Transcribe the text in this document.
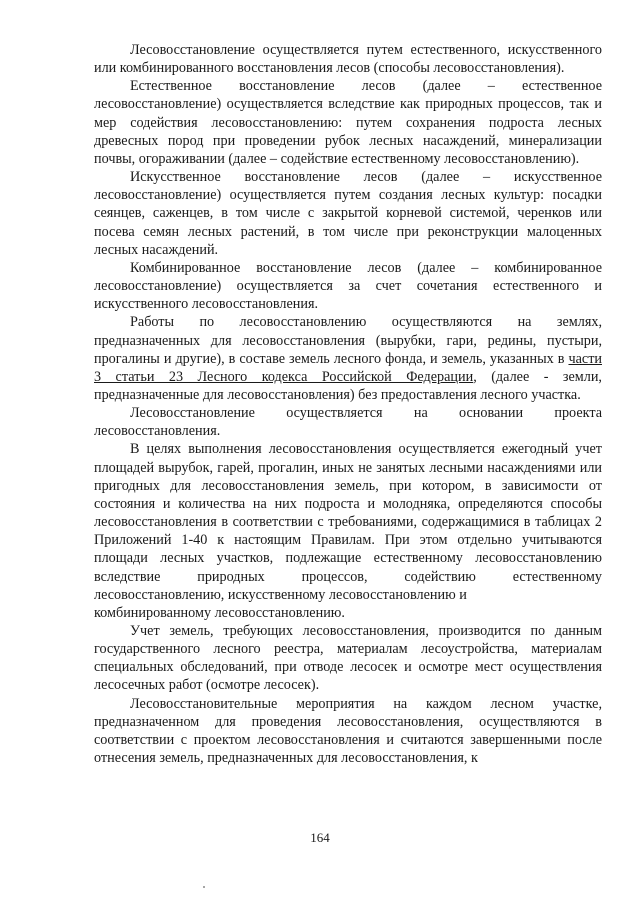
Лесовосстановление осуществляется путем естественного, искусственного или комбинированного восстановления лесов (способы лесовосстановления).

Естественное восстановление лесов (далее – естественное лесовосстановление) осуществляется вследствие как природных процессов, так и мер содействия лесовосстановлению: путем сохранения подроста лесных древесных пород при проведении рубок лесных насаждений, минерализации почвы, огораживании (далее – содействие естественному лесовосстановлению).

Искусственное восстановление лесов (далее – искусственное лесовосстановление) осуществляется путем создания лесных культур: посадки сеянцев, саженцев, в том числе с закрытой корневой системой, черенков или посева семян лесных растений, в том числе при реконструкции малоценных лесных насаждений.

Комбинированное восстановление лесов (далее – комбинированное лесовосстановление) осуществляется за счет сочетания естественного и искусственного лесовосстановления.

Работы по лесовосстановлению осуществляются на землях, предназначенных для лесовосстановления (вырубки, гари, редины, пустыри, прогалины и другие), в составе земель лесного фонда, и земель, указанных в части 3 статьи 23 Лесного кодекса Российской Федерации, (далее - земли, предназначенные для лесовосстановления) без предоставления лесного участка.

Лесовосстановление осуществляется на основании проекта лесовосстановления.

В целях выполнения лесовосстановления осуществляется ежегодный учет площадей вырубок, гарей, прогалин, иных не занятых лесными насаждениями или пригодных для лесовосстановления земель, при котором, в зависимости от состояния и количества на них подроста и молодняка, определяются способы лесовосстановления в соответствии с требованиями, содержащимися в таблицах 2 Приложений 1-40 к настоящим Правилам. При этом отдельно учитываются площади лесных участков, подлежащие естественному лесовосстановлению вследствие природных процессов, содействию естественному лесовосстановлению, искусственному лесовосстановлению и

комбинированному лесовосстановлению.

Учет земель, требующих лесовосстановления, производится по данным государственного лесного реестра, материалам лесоустройства, материалам специальных обследований, при отводе лесосек и осмотре мест осуществления лесосечных работ (осмотре лесосек).

Лесовосстановительные мероприятия на каждом лесном участке, предназначенном для проведения лесовосстановления, осуществляются в соответствии с проектом лесовосстановления и считаются завершенными после отнесения земель, предназначенных для лесовосстановления, к

164
